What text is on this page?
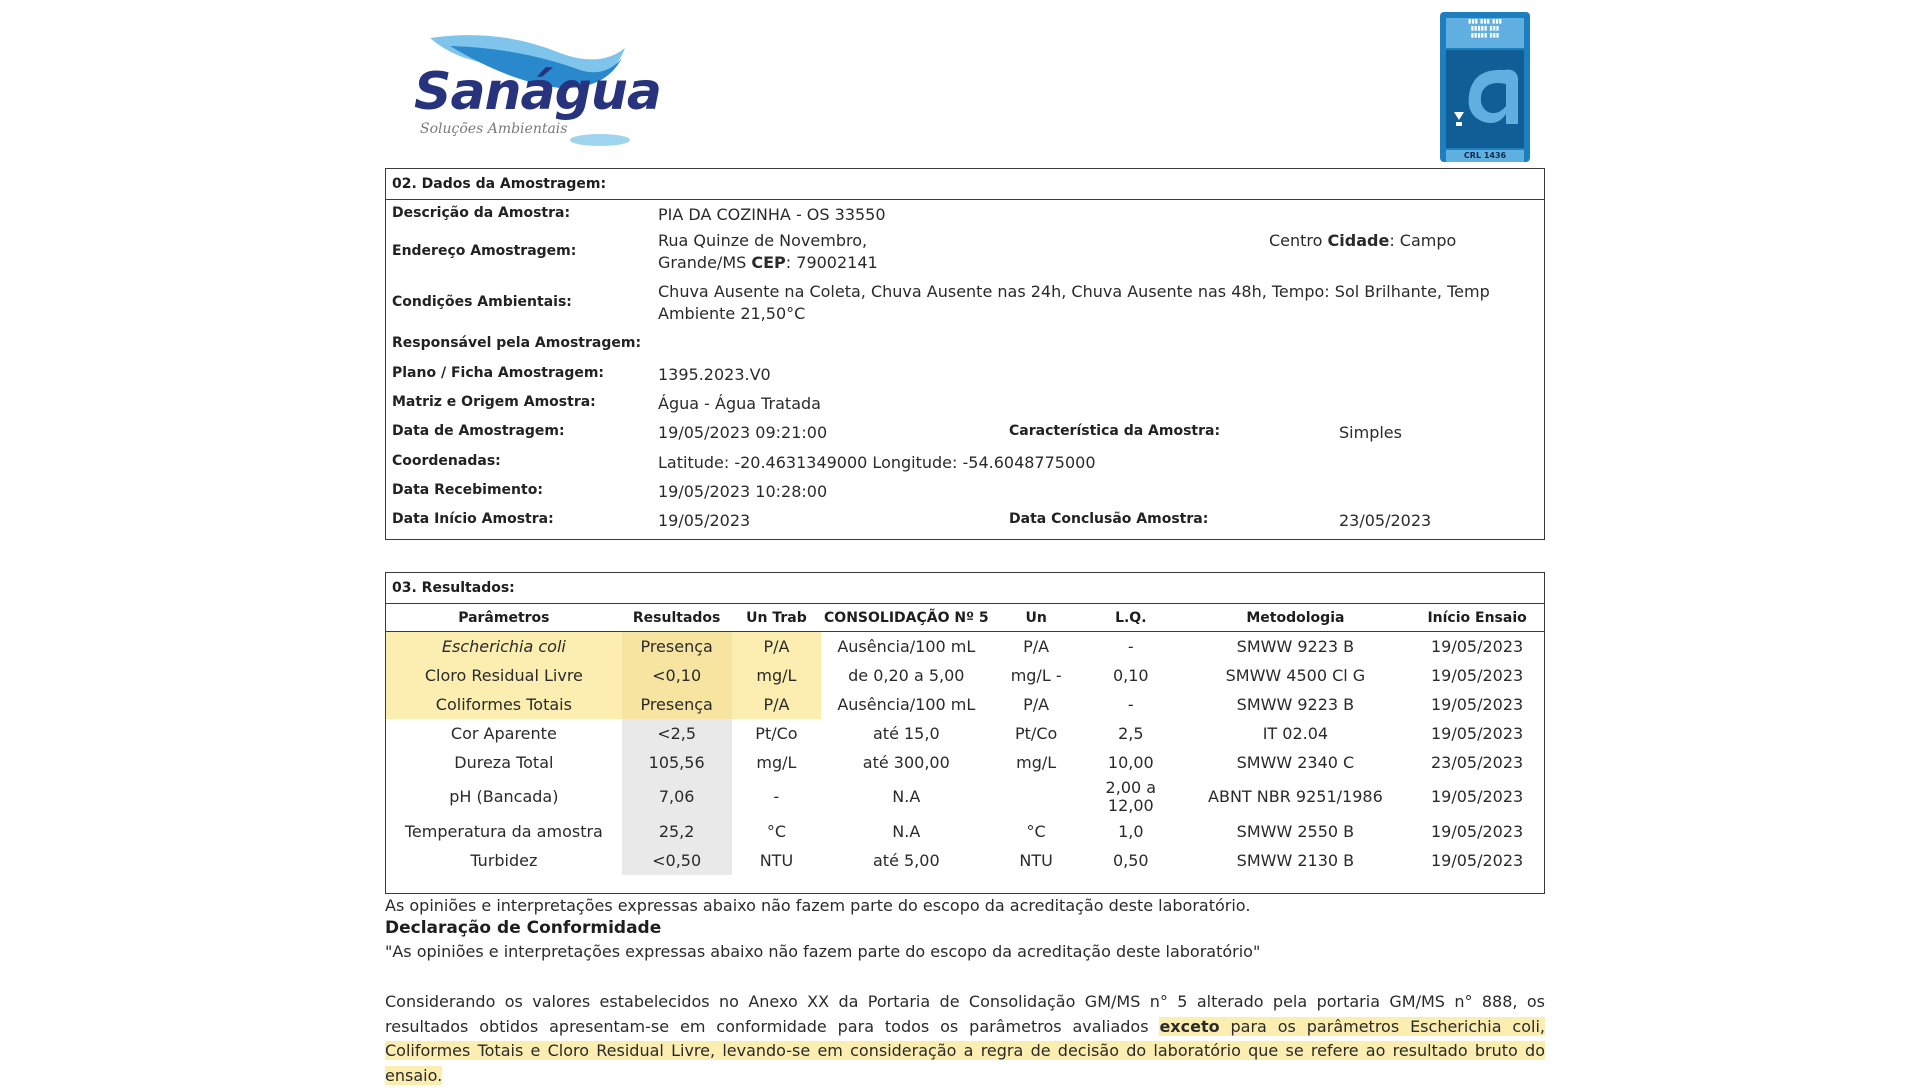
Sanágua
Soluções Ambientais
▮▮▮ ▮▮▮ ▮▮▮
▮▮▮▮▮ ▮▮▮
▮▮▮▮▮ ▮▮▮
CRL 1436
02. Dados da Amostragem:
Descrição da Amostra:	PIA DA COZINHA - OS 33550
Endereço Amostragem:
Rua Quinze de Novembro,	Centro Cidade: Campo
Grande/MS CEP: 79002141
Condições Ambientais:
Chuva Ausente na Coleta, Chuva Ausente nas 24h, Chuva Ausente nas 48h, Tempo: Sol Brilhante, Temp
Ambiente 21,50°C
Responsável pela Amostragem:
Plano / Ficha Amostragem:	1395.2023.V0
Matriz e Origem Amostra:	Água - Água Tratada
Data de Amostragem:	19/05/2023 09:21:00	Característica da Amostra:	Simples
Coordenadas:	Latitude: -20.4631349000 Longitude: -54.6048775000
Data Recebimento:	19/05/2023 10:28:00
Data Início Amostra:	19/05/2023	Data Conclusão Amostra:	23/05/2023
03. Resultados:
Parâmetros	Resultados	Un Trab	CONSOLIDAÇÃO Nº 5	Un	L.Q.	Metodologia	Início Ensaio
Escherichia coli	Presença	P/A	Ausência/100 mL	P/A	-	SMWW 9223 B	19/05/2023
Cloro Residual Livre	<0,10	mg/L	de 0,20 a 5,00	mg/L -	0,10	SMWW 4500 Cl G	19/05/2023
Coliformes Totais	Presença	P/A	Ausência/100 mL	P/A	-	SMWW 9223 B	19/05/2023
Cor Aparente	<2,5	Pt/Co	até 15,0	Pt/Co	2,5	IT 02.04	19/05/2023
Dureza Total	105,56	mg/L	até 300,00	mg/L	10,00	SMWW 2340 C	23/05/2023
pH (Bancada)	7,06	-	N.A		2,00 a 12,00	ABNT NBR 9251/1986	19/05/2023
Temperatura da amostra	25,2	°C	N.A	°C	1,0	SMWW 2550 B	19/05/2023
Turbidez	<0,50	NTU	até 5,00	NTU	0,50	SMWW 2130 B	19/05/2023
As opiniões e interpretações expressas abaixo não fazem parte do escopo da acreditação deste laboratório.
Declaração de Conformidade
"As opiniões e interpretações expressas abaixo não fazem parte do escopo da acreditação deste laboratório"
Considerando os valores estabelecidos no Anexo XX da Portaria de Consolidação GM/MS n° 5 alterado pela portaria GM/MS n° 888, os resultados obtidos apresentam-se em conformidade para todos os parâmetros avaliados exceto para os parâmetros Escherichia coli, Coliformes Totais e Cloro Residual Livre, levando-se em consideração a regra de decisão do laboratório que se refere ao resultado bruto do ensaio.
